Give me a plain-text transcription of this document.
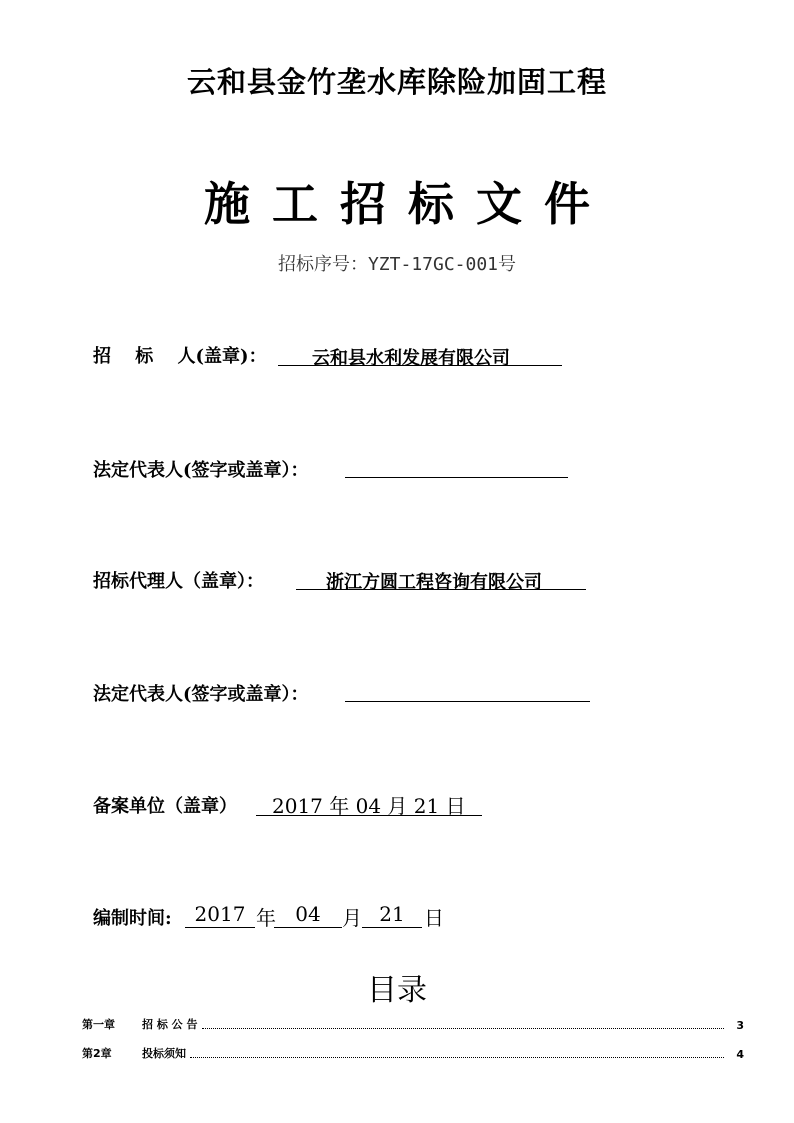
云和县金竹垄水库除险加固工程
施工招标文件
招标序号：YZT-17GC-001号
招　 标　 人(盖章)：	云和县水利发展有限公司
法定代表人(签字或盖章）：
招标代理人（盖章）：	浙江方圆工程咨询有限公司
法定代表人(签字或盖章）：
备案单位（盖章）	2017 年 04 月 21 日
编制时间:	2017 年 04	月 21 日
目录
第一章	招 标 公 告	3
第2章	投标须知	4
